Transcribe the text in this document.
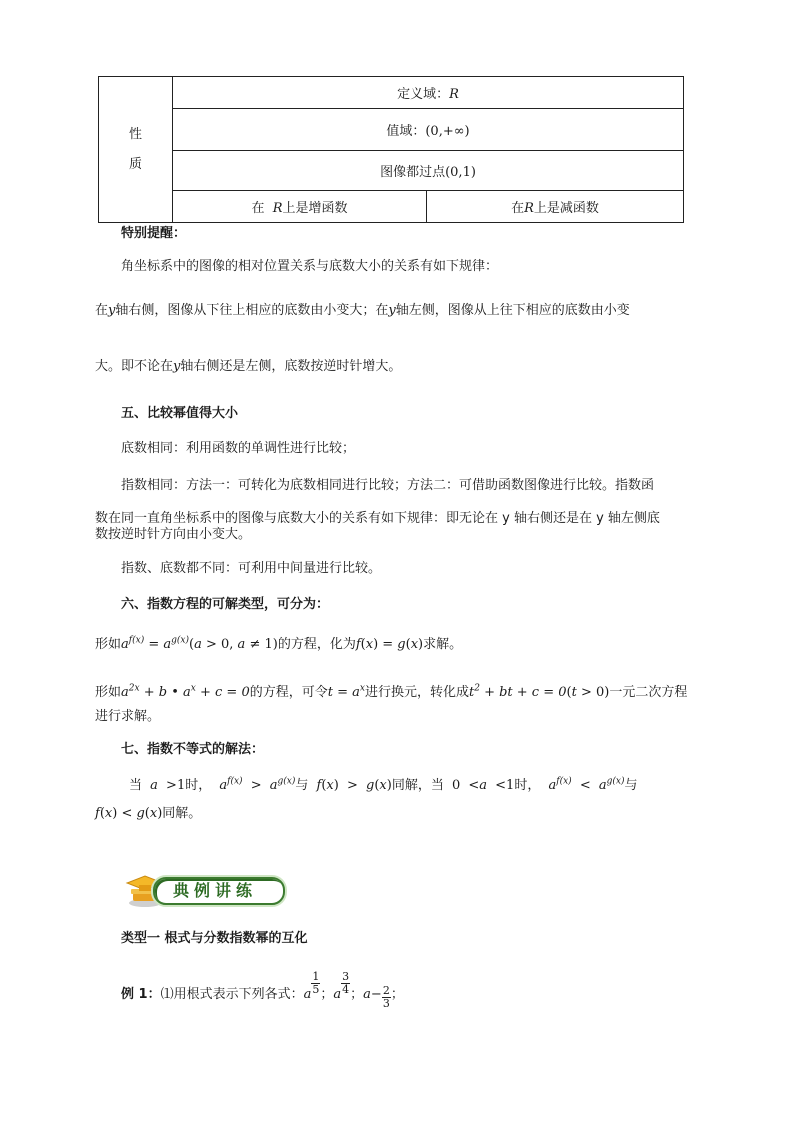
性
质	定义域：R	
	值域：(0,+∞)	
	图像都过点(0,1)	
	在 R上是增函数	在R上是减函数
特别提醒：
角坐标系中的图像的相对位置关系与底数大小的关系有如下规律：
在y轴右侧，图像从下往上相应的底数由小变大；在y轴左侧，图像从上往下相应的底数由小变
大。即不论在y轴右侧还是左侧，底数按逆时针增大。
五、比较幂值得大小
底数相同：利用函数的单调性进行比较；
指数相同：方法一：可转化为底数相同进行比较；方法二：可借助函数图像进行比较。指数函
数在同一直角坐标系中的图像与底数大小的关系有如下规律：即无论在 y 轴右侧还是在 y 轴左侧底
数按逆时针方向由小变大。
指数、底数都不同：可利用中间量进行比较。
六、指数方程的可解类型，可分为：
形如$a^{f(x)} = a^{g(x)}(a > 0$, a ≠ 1)的方程，化为f(x) = g(x)求解。
形如$a^{2x} + b$ • $a^x + c = 0$的方程，可令$t = a^x$进行换元，转化成$t^2$ + bt + c = 0(t > 0)一元二次方程
进行求解。
七、指数不等式的解法：
当 a >1时， $a^{f(x)} > a^{g(x)}$与 f(x) > g(x)同解，当 0 <a <1时， $a^{f(x)} < a^{g(x)}$与
f(x) < g(x)同解。
典例讲练
类型一 根式与分数指数幂的互化
例 1： ⑴用根式表示下列各式： a $\frac{1}{5}$ ； a $\frac{3}{4}$ ； $a - \frac{2}{3}$ ；
